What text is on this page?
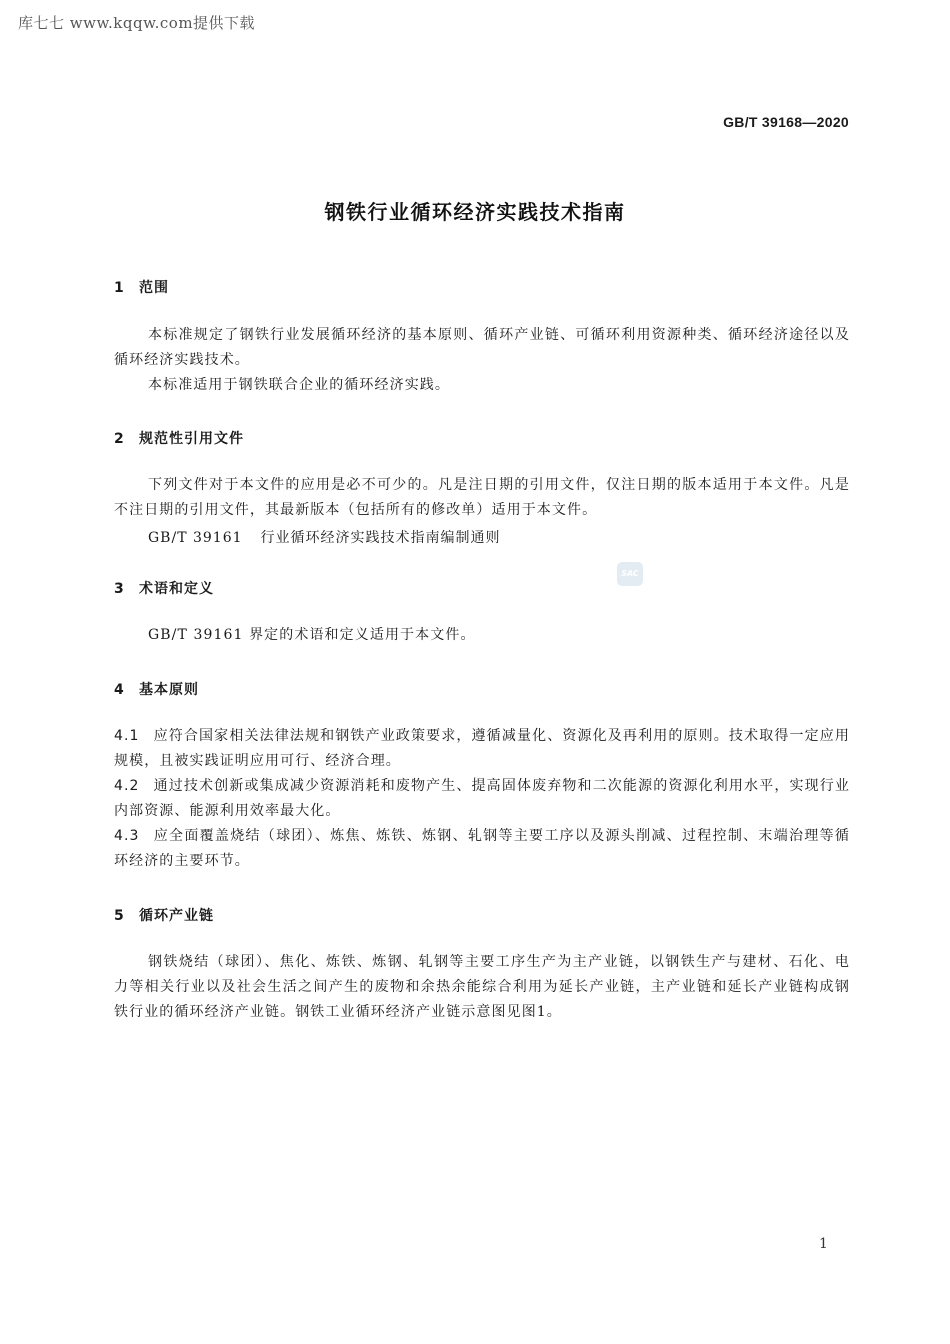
库七七 www.kqqw.com提供下载
GB/T 39168—2020
钢铁行业循环经济实践技术指南
1 范围
本标准规定了钢铁行业发展循环经济的基本原则、循环产业链、可循环利用资源种类、循环经济途径以及循环经济实践技术。
本标准适用于钢铁联合企业的循环经济实践。
2 规范性引用文件
下列文件对于本文件的应用是必不可少的。凡是注日期的引用文件，仅注日期的版本适用于本文件。凡是不注日期的引用文件，其最新版本（包括所有的修改单）适用于本文件。
GB/T 39161 行业循环经济实践技术指南编制通则
SAC
3 术语和定义
GB/T 39161 界定的术语和定义适用于本文件。
4 基本原则
4.1 应符合国家相关法律法规和钢铁产业政策要求，遵循减量化、资源化及再利用的原则。技术取得一定应用规模，且被实践证明应用可行、经济合理。
4.2 通过技术创新或集成减少资源消耗和废物产生、提高固体废弃物和二次能源的资源化利用水平，实现行业内部资源、能源利用效率最大化。
4.3 应全面覆盖烧结（球团）、炼焦、炼铁、炼钢、轧钢等主要工序以及源头削减、过程控制、末端治理等循环经济的主要环节。
5 循环产业链
钢铁烧结（球团）、焦化、炼铁、炼钢、轧钢等主要工序生产为主产业链，以钢铁生产与建材、石化、电力等相关行业以及社会生活之间产生的废物和余热余能综合利用为延长产业链，主产业链和延长产业链构成钢铁行业的循环经济产业链。钢铁工业循环经济产业链示意图见图1。
1
